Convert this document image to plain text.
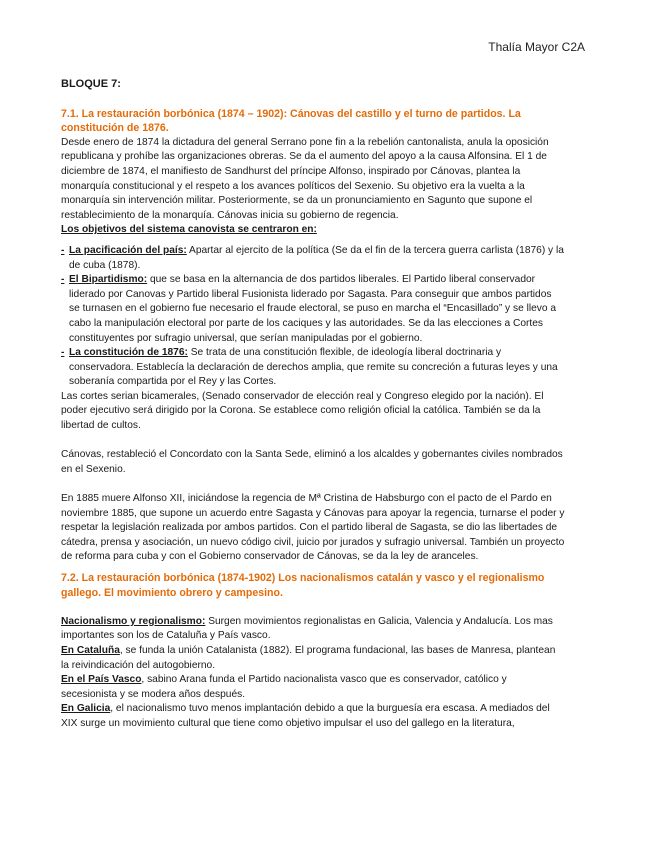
Thalía Mayor C2A

BLOQUE 7:

7.1. La restauración borbónica (1874 – 1902): Cánovas del castillo y el turno de partidos. La constitución de 1876.

Desde enero de 1874 la dictadura del general Serrano pone fin a la rebelión cantonalista, anula la oposición republicana y prohíbe las organizaciones obreras. Se da el aumento del apoyo a la causa Alfonsina. El 1 de diciembre de 1874, el manifiesto de Sandhurst del príncipe Alfonso, inspirado por Cánovas, plantea la monarquía constitucional y el respeto a los avances políticos del Sexenio. Su objetivo era la vuelta a la monarquía sin intervención militar. Posteriormente, se da un pronunciamiento en Sagunto que supone el restablecimiento de la monarquía. Cánovas inicia su gobierno de regencia.

Los objetivos del sistema canovista se centraron en:

- La pacificación del país: Apartar al ejercito de la política (Se da el fin de la tercera guerra carlista (1876) y la de cuba (1878).
- El Bipartidismo: que se basa en la alternancia de dos partidos liberales. El Partido liberal conservador liderado por Canovas y Partido liberal Fusionista liderado por Sagasta. Para conseguir que ambos partidos se turnasen en el gobierno fue necesario el fraude electoral, se puso en marcha el “Encasillado” y se llevo a cabo la manipulación electoral por parte de los caciques y las autoridades. Se da las elecciones a Cortes constituyentes por sufragio universal, que serían manipuladas por el gobierno.
- La constitución de 1876: Se trata de una constitución flexible, de ideología liberal doctrinaria y conservadora. Establecía la declaración de derechos amplia, que remite su concreción a futuras leyes y una soberanía compartida por el Rey y las Cortes.

Las cortes serian bicamerales, (Senado conservador de elección real y Congreso elegido por la nación). El poder ejecutivo será dirigido por la Corona. Se establece como religión oficial la católica. También se da la libertad de cultos.

Cánovas, restableció el Concordato con la Santa Sede, eliminó a los alcaldes y gobernantes civiles nombrados en el Sexenio.

En 1885 muere Alfonso XII, iniciándose la regencia de Mª Cristina de Habsburgo con el pacto de el Pardo en noviembre 1885, que supone un acuerdo entre Sagasta y Cánovas para apoyar la regencia, turnarse el poder y respetar la legislación realizada por ambos partidos. Con el partido liberal de Sagasta, se dio las libertades de cátedra, prensa y asociación, un nuevo código civil, juicio por jurados y sufragio universal. También un proyecto de reforma para cuba y con el Gobierno conservador de Cánovas, se da la ley de aranceles.

7.2. La restauración borbónica (1874-1902) Los nacionalismos catalán y vasco y el regionalismo gallego. El movimiento obrero y campesino.

Nacionalismo y regionalismo: Surgen movimientos regionalistas en Galicia, Valencia y Andalucía. Los mas importantes son los de Cataluña y País vasco.

En Cataluña, se funda la unión Catalanista (1882). El programa fundacional, las bases de Manresa, plantean la reivindicación del autogobierno.

En el País Vasco, sabino Arana funda el Partido nacionalista vasco que es conservador, católico y secesionista y se modera años después.

En Galicia, el nacionalismo tuvo menos implantación debido a que la burguesía era escasa. A mediados del XIX surge un movimiento cultural que tiene como objetivo impulsar el uso del gallego en la literatura,
